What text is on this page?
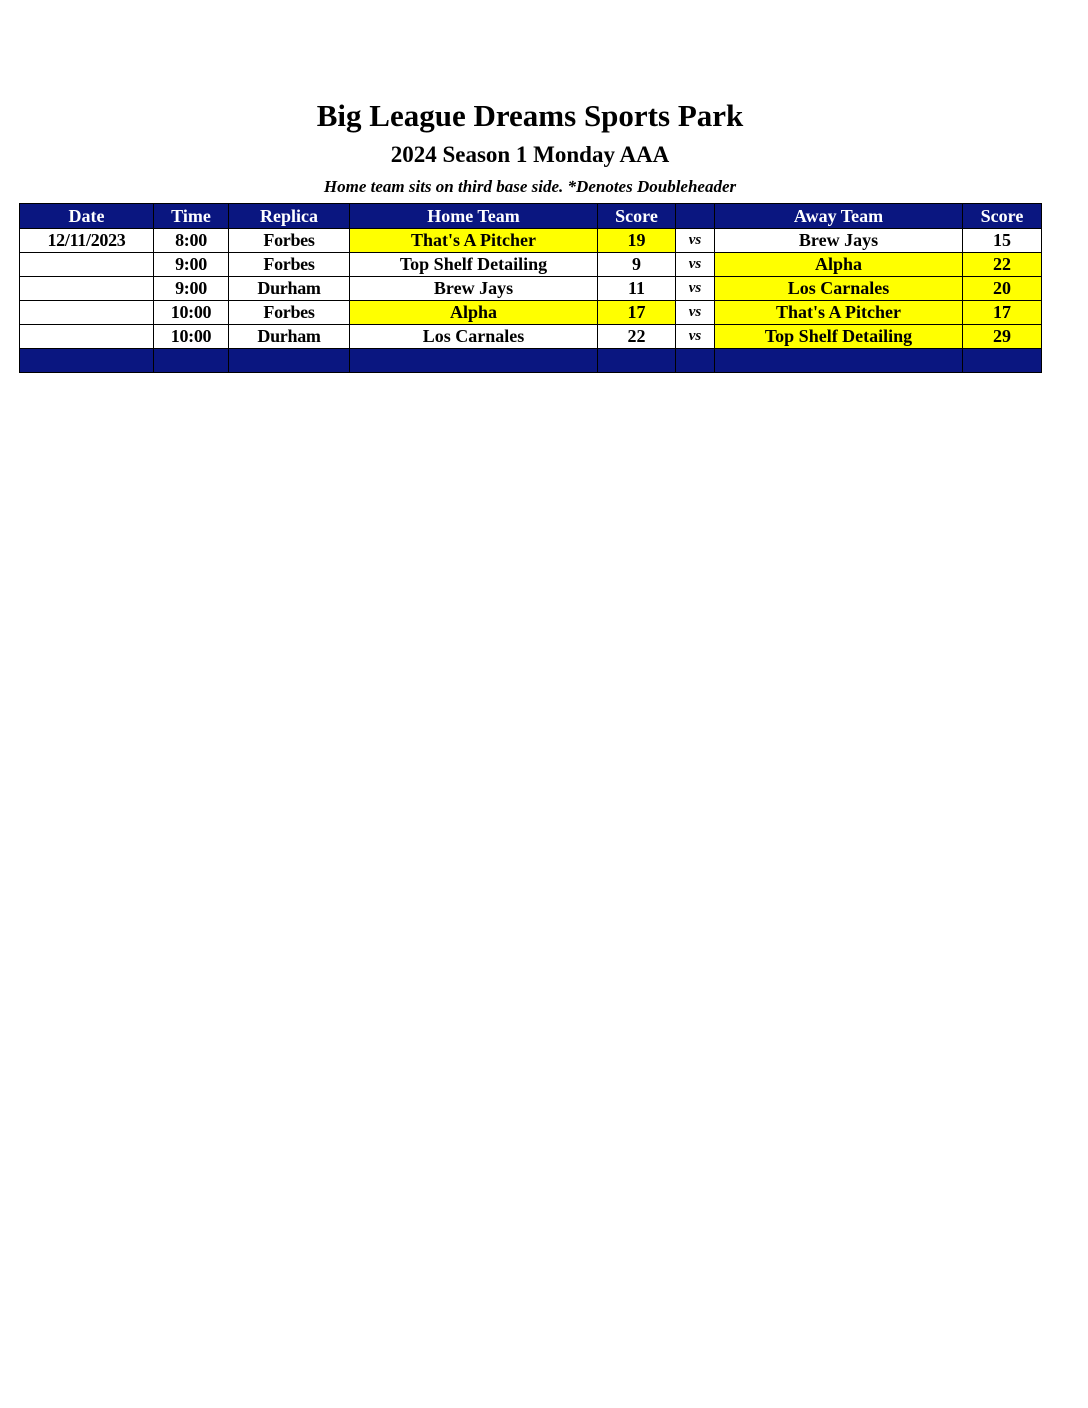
Big League Dreams Sports Park
2024 Season 1 Monday AAA
Home team sits on third base side. *Denotes Doubleheader
Date	Time	Replica	Home Team	Score		Away Team	Score
12/11/2023	8:00	Forbes	That's A Pitcher	19	vs	Brew Jays	15
	9:00	Forbes	Top Shelf Detailing	9	vs	Alpha	22
	9:00	Durham	Brew Jays	11	vs	Los Carnales	20
	10:00	Forbes	Alpha	17	vs	That's A Pitcher	17
	10:00	Durham	Los Carnales	22	vs	Top Shelf Detailing	29
